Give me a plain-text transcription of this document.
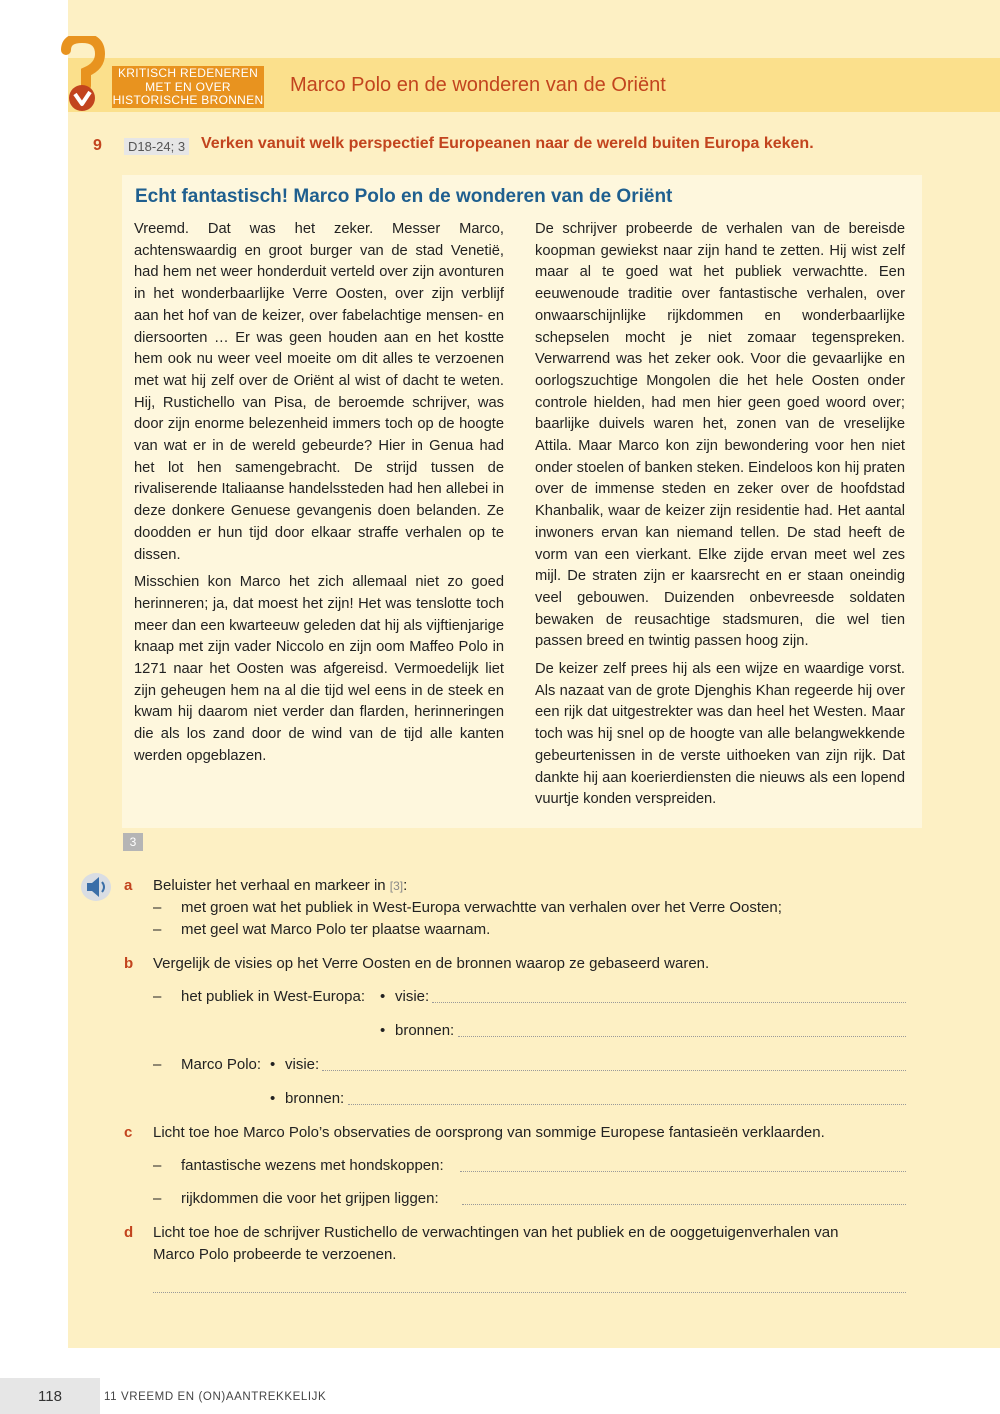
KRITISCH REDENEREN
MET EN OVER
HISTORISCHE BRONNEN
Marco Polo en de wonderen van de Oriënt
9	D18-24; 3 Verken vanuit welk perspectief Europeanen naar de wereld buiten Europa keken.
Echt fantastisch! Marco Polo en de wonderen van de Oriënt

Vreemd. Dat was het zeker. Messer Marco, achtenswaardig en groot burger van de stad Venetië, had hem net weer honderduit verteld over zijn avonturen in het wonderbaarlijke Verre Oosten, over zijn verblijf aan het hof van de keizer, over fabelachtige mensen- en diersoorten … Er was geen houden aan en het kostte hem ook nu weer veel moeite om dit alles te verzoenen met wat hij zelf over de Oriënt al wist of dacht te weten. Hij, Rustichello van Pisa, de beroemde schrijver, was door zijn enorme belezenheid immers toch op de hoogte van wat er in de wereld gebeurde? Hier in Genua had het lot hen samengebracht. De strijd tussen de rivaliserende Italiaanse handelssteden had hen allebei in deze donkere Genuese gevangenis doen belanden. Ze doodden er hun tijd door elkaar straffe verhalen op te dissen.

Misschien kon Marco het zich allemaal niet zo goed herinneren; ja, dat moest het zijn! Het was tenslotte toch meer dan een kwarteeuw geleden dat hij als vijftienjarige knaap met zijn vader Niccolo en zijn oom Maffeo Polo in 1271 naar het Oosten was afgereisd. Vermoedelijk liet zijn geheugen hem na al die tijd wel eens in de steek en kwam hij daarom niet verder dan flarden, herinneringen die als los zand door de wind van de tijd alle kanten werden opgeblazen.

De schrijver probeerde de verhalen van de bereisde koopman gewiekst naar zijn hand te zetten. Hij wist zelf maar al te goed wat het publiek verwachtte. Een eeuwenoude traditie over fantastische verhalen, over onwaarschijnlijke rijkdommen en wonderbaarlijke schepselen mocht je niet zomaar tegenspreken. Verwarrend was het zeker ook. Voor die gevaarlijke en oorlogszuchtige Mongolen die het hele Oosten onder controle hielden, had men hier geen goed woord over; baarlijke duivels waren het, zonen van de vreselijke Attila. Maar Marco kon zijn bewondering voor hen niet onder stoelen of banken steken. Eindeloos kon hij praten over de immense steden en zeker over de hoofdstad Khanbalik, waar de keizer zijn residentie had. Het aantal inwoners ervan kan niemand tellen. De stad heeft de vorm van een vierkant. Elke zijde ervan meet wel zes mijl. De straten zijn er kaarsrecht en er staan oneindig veel gebouwen. Duizenden onbevreesde soldaten bewaken de reusachtige stadsmuren, die wel tien passen breed en twintig passen hoog zijn.

De keizer zelf prees hij als een wijze en waardige vorst. Als nazaat van de grote Djenghis Khan regeerde hij over een rijk dat uitgestrekter was dan heel het Westen. Maar toch was hij snel op de hoogte van alle belangwekkende gebeurtenissen in de verste uithoeken van zijn rijk. Dat dankte hij aan koerierdiensten die nieuws als een lopend vuurtje konden verspreiden.

3
a Beluister het verhaal en markeer in [3]:
– met groen wat het publiek in West-Europa verwachtte van verhalen over het Verre Oosten;
– met geel wat Marco Polo ter plaatse waarnam.
b Vergelijk de visies op het Verre Oosten en de bronnen waarop ze gebaseerd waren.
– het publiek in West-Europa: • visie:
• bronnen:
– Marco Polo: • visie:
• bronnen:
c Licht toe hoe Marco Polo’s observaties de oorsprong van sommige Europese fantasieën verklaarden.
– fantastische wezens met hondskoppen:
– rijkdommen die voor het grijpen liggen:
d Licht toe hoe de schrijver Rustichello de verwachtingen van het publiek en de ooggetuigenverhalen van
Marco Polo probeerde te verzoenen.
118	11 VREEMD EN (ON)AANTREKKELIJK
